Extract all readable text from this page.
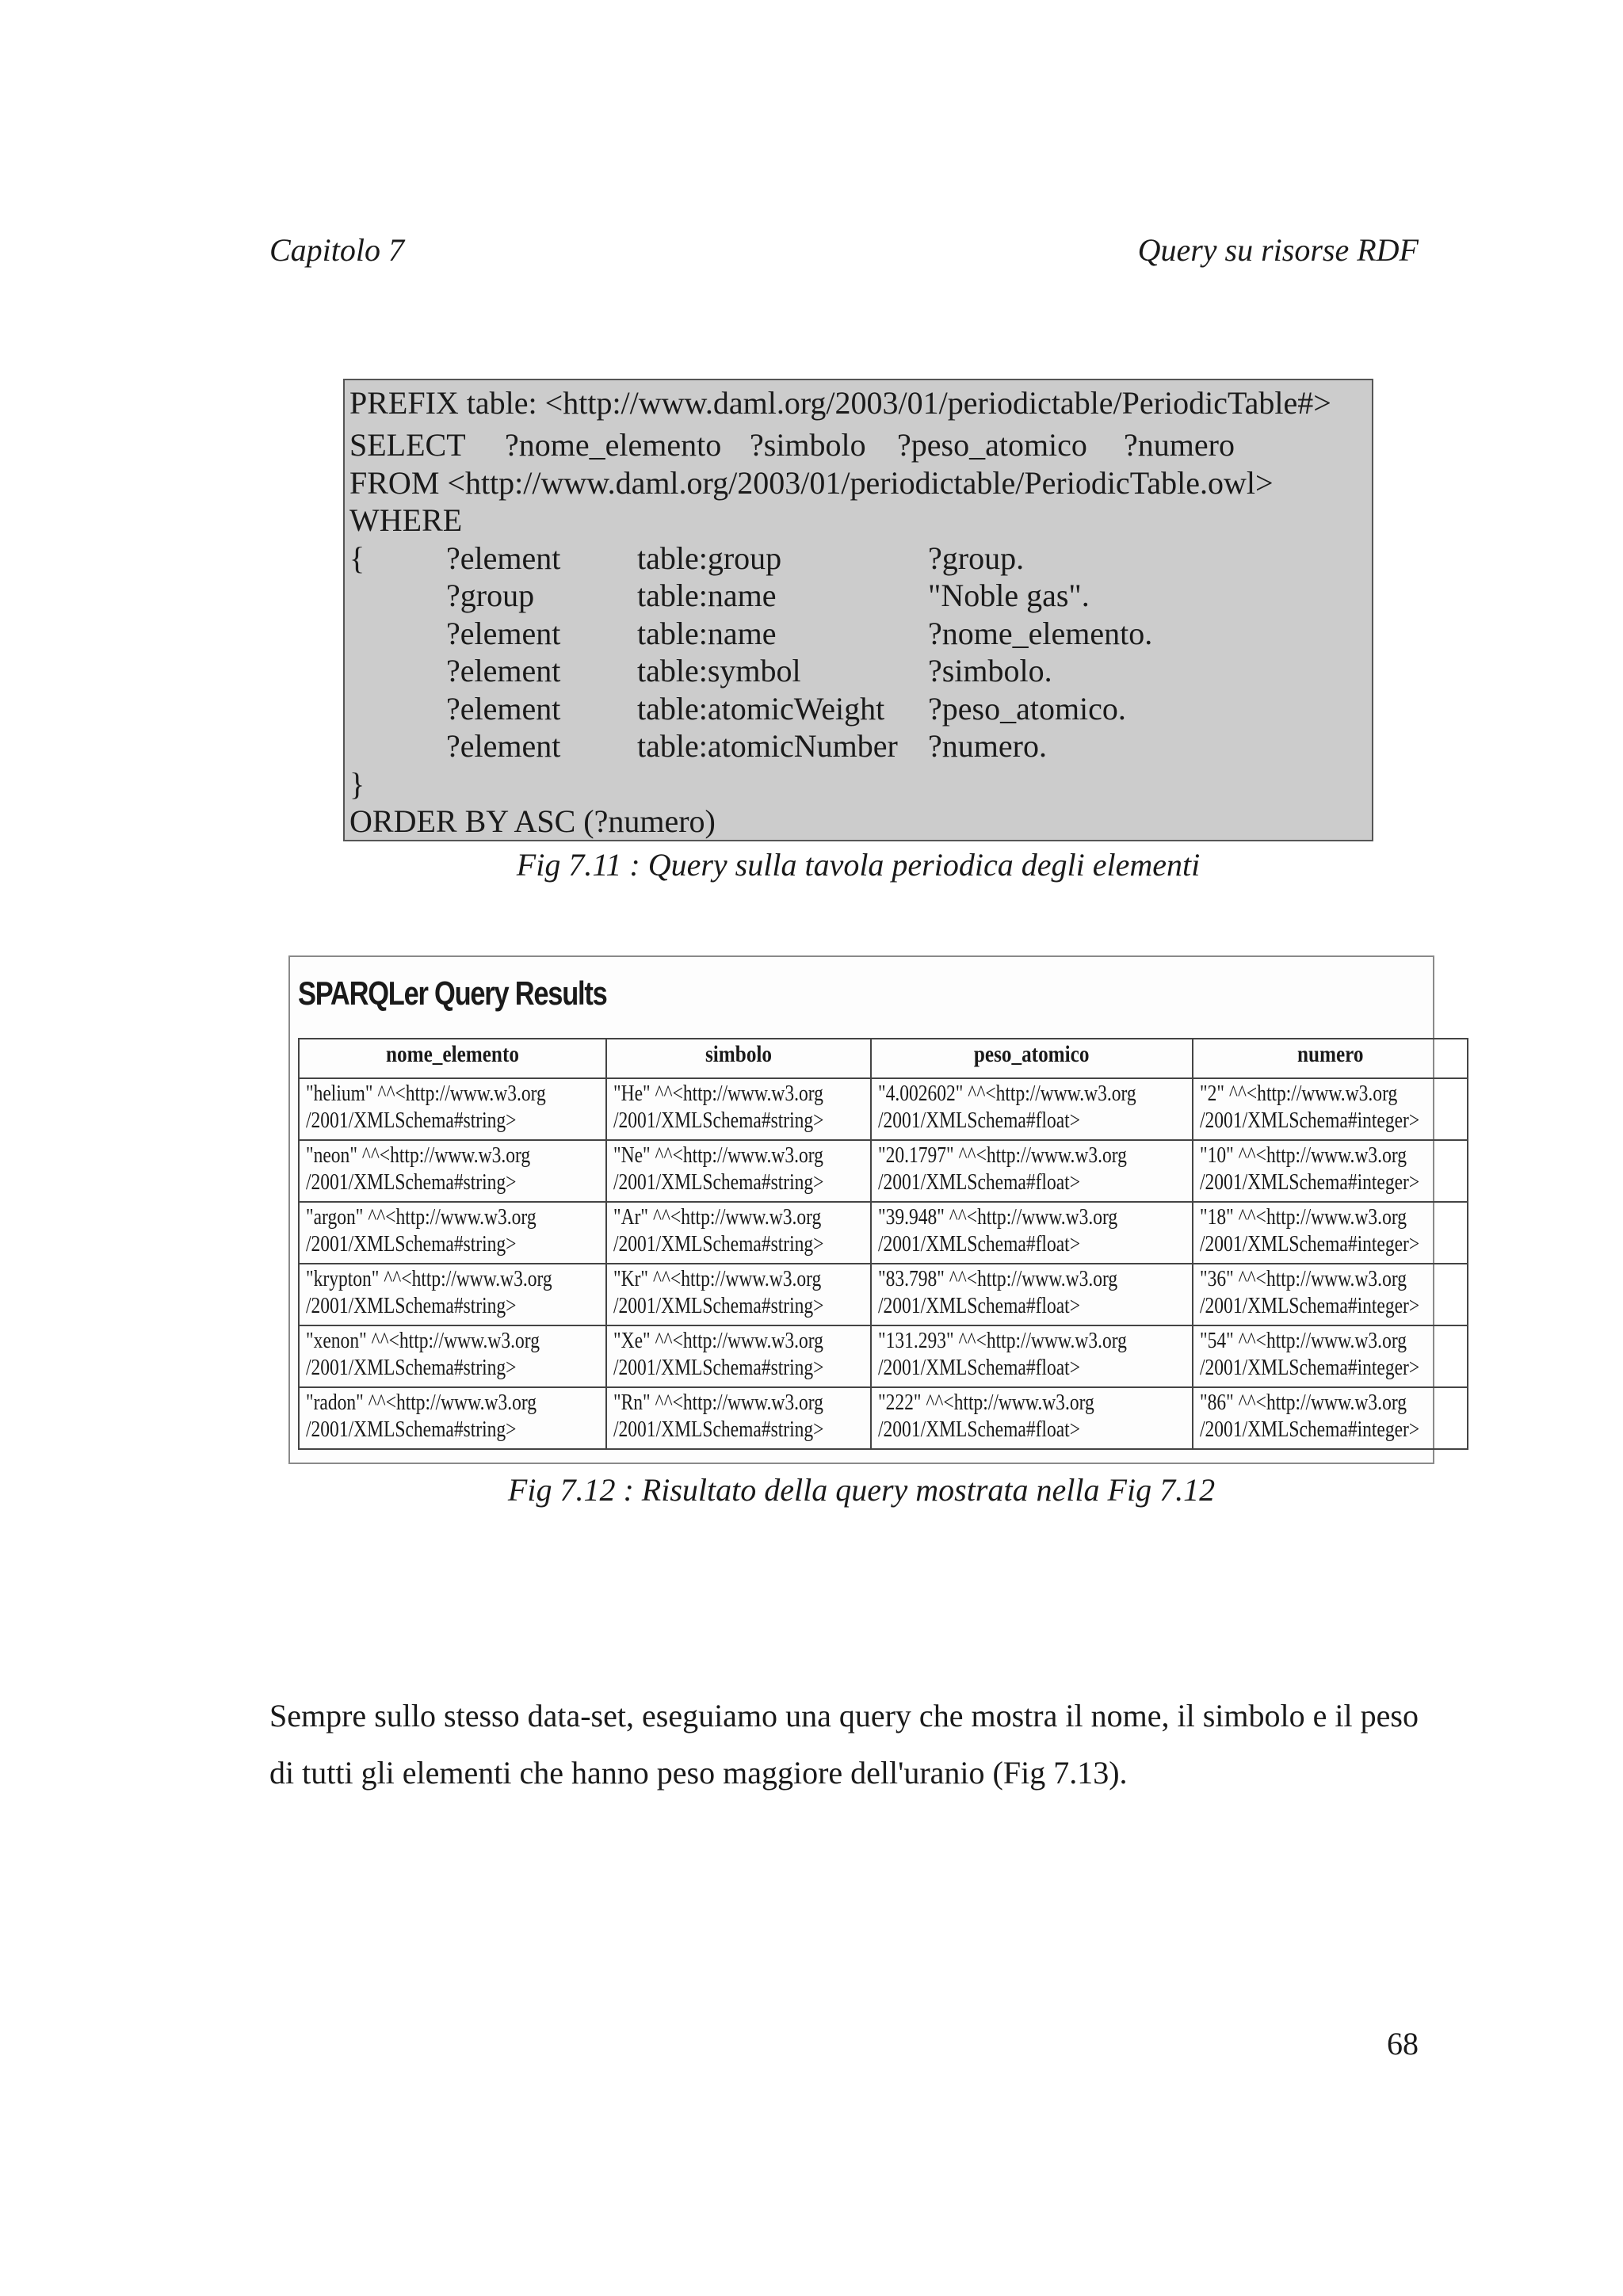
Capitolo 7	Query su risorse RDF
PREFIX table: <http://www.daml.org/2003/01/periodictable/PeriodicTable#>
SELECT ?nome_elemento ?simbolo ?peso_atomico ?numero
FROM <http://www.daml.org/2003/01/periodictable/PeriodicTable.owl>
WHERE
{	?element table:group	?group.
?group	table:name	"Noble gas".
?element table:name	?nome_elemento.
?element table:symbol	?simbolo.
?element table:atomicWeight ?peso_atomico.
?element table:atomicNumber ?numero.
}
ORDER BY ASC (?numero)
Fig 7.11 : Query sulla tavola periodica degli elementi
SPARQLer Query Results
nome_elemento	simbolo	peso_atomico	numero

"helium" ^^<http://www.w3.org
/2001/XMLSchema#string>	"He" ^^<http://www.w3.org
/2001/XMLSchema#string>	"4.002602" ^^<http://www.w3.org
/2001/XMLSchema#float>	"2" ^^<http://www.w3.org
/2001/XMLSchema#integer>

"neon" ^^<http://www.w3.org
/2001/XMLSchema#string>	"Ne" ^^<http://www.w3.org
/2001/XMLSchema#string>	"20.1797" ^^<http://www.w3.org
/2001/XMLSchema#float>	"10" ^^<http://www.w3.org
/2001/XMLSchema#integer>

"argon" ^^<http://www.w3.org
/2001/XMLSchema#string>	"Ar" ^^<http://www.w3.org
/2001/XMLSchema#string>	"39.948" ^^<http://www.w3.org
/2001/XMLSchema#float>	"18" ^^<http://www.w3.org
/2001/XMLSchema#integer>

"krypton" ^^<http://www.w3.org
/2001/XMLSchema#string>	"Kr" ^^<http://www.w3.org
/2001/XMLSchema#string>	"83.798" ^^<http://www.w3.org
/2001/XMLSchema#float>	"36" ^^<http://www.w3.org
/2001/XMLSchema#integer>

"xenon" ^^<http://www.w3.org
/2001/XMLSchema#string>	"Xe" ^^<http://www.w3.org
/2001/XMLSchema#string>	"131.293" ^^<http://www.w3.org
/2001/XMLSchema#float>	"54" ^^<http://www.w3.org
/2001/XMLSchema#integer>

"radon" ^^<http://www.w3.org
/2001/XMLSchema#string>	"Rn" ^^<http://www.w3.org
/2001/XMLSchema#string>	"222" ^^<http://www.w3.org
/2001/XMLSchema#float>	"86" ^^<http://www.w3.org
/2001/XMLSchema#integer>
Fig 7.12 : Risultato della query mostrata nella Fig 7.12
Sempre sullo stesso data-set, eseguiamo una query che mostra il nome, il simbolo e il peso di tutti gli elementi che hanno peso maggiore dell'uranio (Fig 7.13).
68
